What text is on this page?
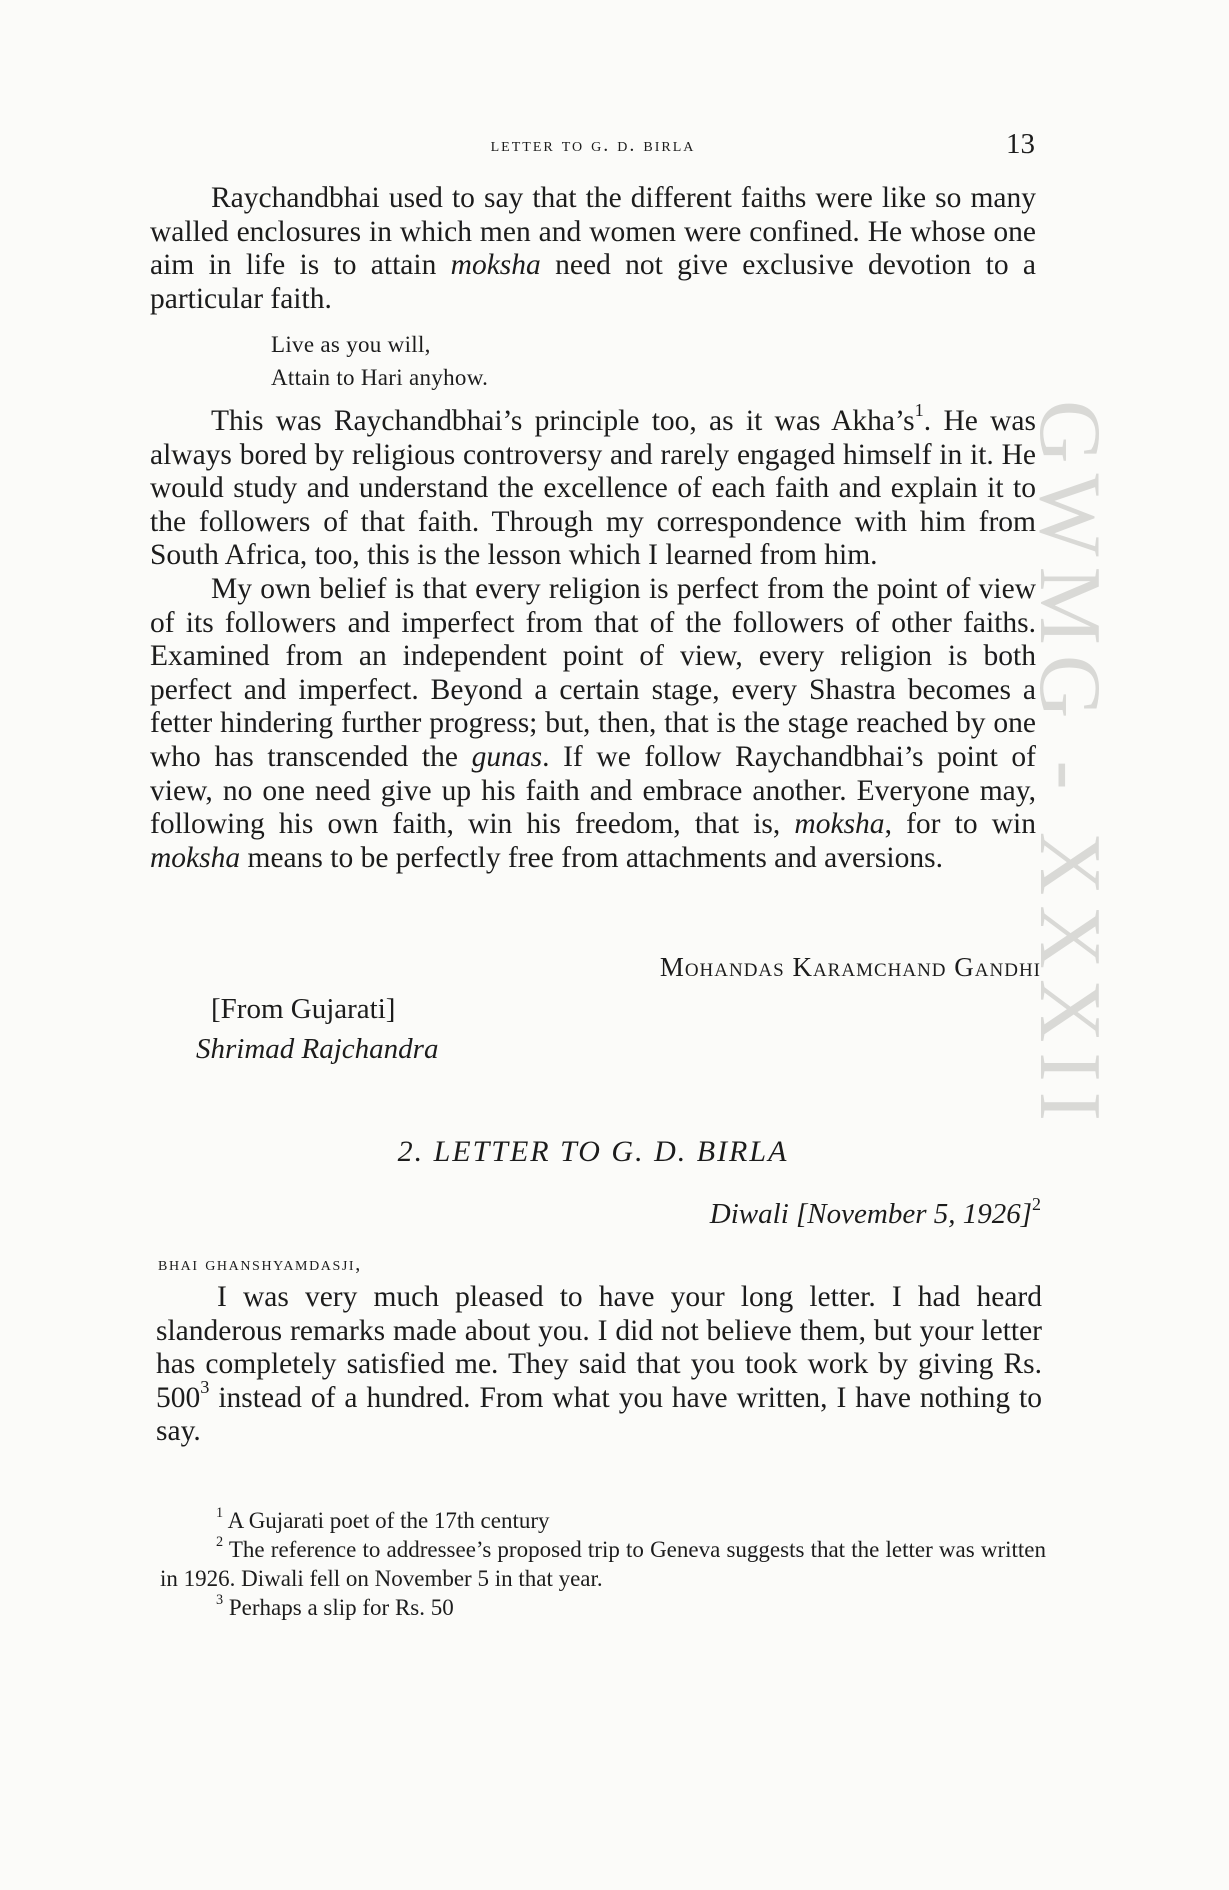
GWMG - XXXII
letter to g. d. birla	13

Raychandbhai used to say that the different faiths were like so many walled enclosures in which men and women were confined. He whose one aim in life is to attain moksha need not give exclusive devotion to a particular faith.

Live as you will,
Attain to Hari anyhow.

This was Raychandbhai’s principle too, as it was $Akha’s^1$. He was always bored by religious controversy and rarely engaged himself in it. He would study and understand the excellence of each faith and explain it to the followers of that faith. Through my correspondence with him from South Africa, too, this is the lesson which I learned from him.

My own belief is that every religion is perfect from the point of view of its followers and imperfect from that of the followers of other faiths. Examined from an independent point of view, every religion is both perfect and imperfect. Beyond a certain stage, every Shastra becomes a fetter hindering further progress; but, then, that is the stage reached by one who has transcended the gunas. If we follow Raychandbhai’s point of view, no one need give up his faith and embrace another. Everyone may, following his own faith, win his freedom, that is, moksha, for to win moksha means to be perfectly free from attachments and aversions.

Mohandas Karamchand Gandhi
[From Gujarati]
Shrimad Rajchandra
2. LETTER TO G. D. BIRLA
Diwali [November 5, 1926]$^2$
bhai ghanshyamdasji,

I was very much pleased to have your long letter. I had heard slanderous remarks made about you. I did not believe them, but your letter has completely satisfied me. They said that you took work by giving Rs. $500^3$ instead of a hundred. From what you have written, I have nothing to say.

$^1$ A Gujarati poet of the 17th century

$^2$ The reference to addressee’s proposed trip to Geneva suggests that the letter was written in 1926. Diwali fell on November 5 in that year.

$^3$ Perhaps a slip for Rs. 50
